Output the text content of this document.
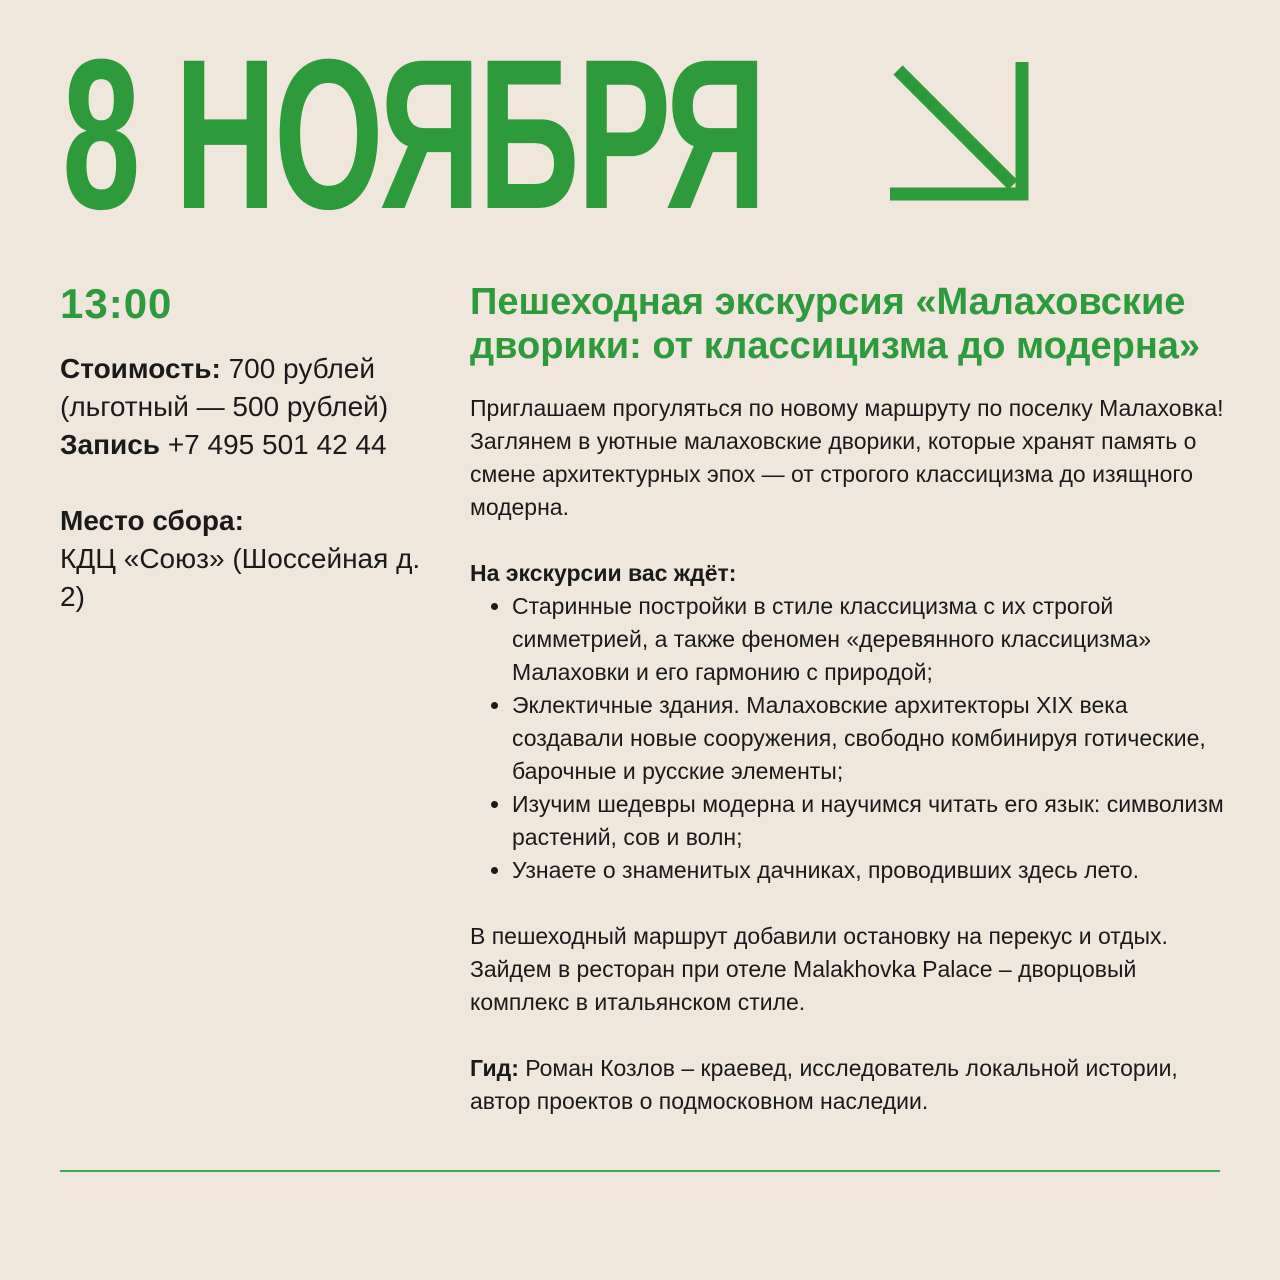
8 НОЯБРЯ
13:00

Стоимость: 700 рублей

(льготный — 500 рублей)

Запись +7 495 501 42 44

Место сбора:

КДЦ «Союз» (Шоссейная д. 2)

Пешеходная экскурсия «Малаховские дворики: от классицизма до модерна»

Приглашаем прогуляться по новому маршруту по поселку Малаховка! Заглянем в уютные малаховские дворики, которые хранят память о смене архитектурных эпох — от строгого классицизма до изящного модерна.

На экскурсии вас ждёт:

• Старинные постройки в стиле классицизма с их строгой симметрией, а также феномен «деревянного классицизма» Малаховки и его гармонию с природой;
• Эклектичные здания. Малаховские архитекторы XIX века создавали новые сооружения, свободно комбинируя готические, барочные и русские элементы;
• Изучим шедевры модерна и научимся читать его язык: символизм растений, сов и волн;
• Узнаете о знаменитых дачниках, проводивших здесь лето.

В пешеходный маршрут добавили остановку на перекус и отдых. Зайдем в ресторан при отеле Malakhovka Palace – дворцовый комплекс в итальянском стиле.

Гид: Роман Козлов – краевед, исследователь локальной истории, автор проектов о подмосковном наследии.
